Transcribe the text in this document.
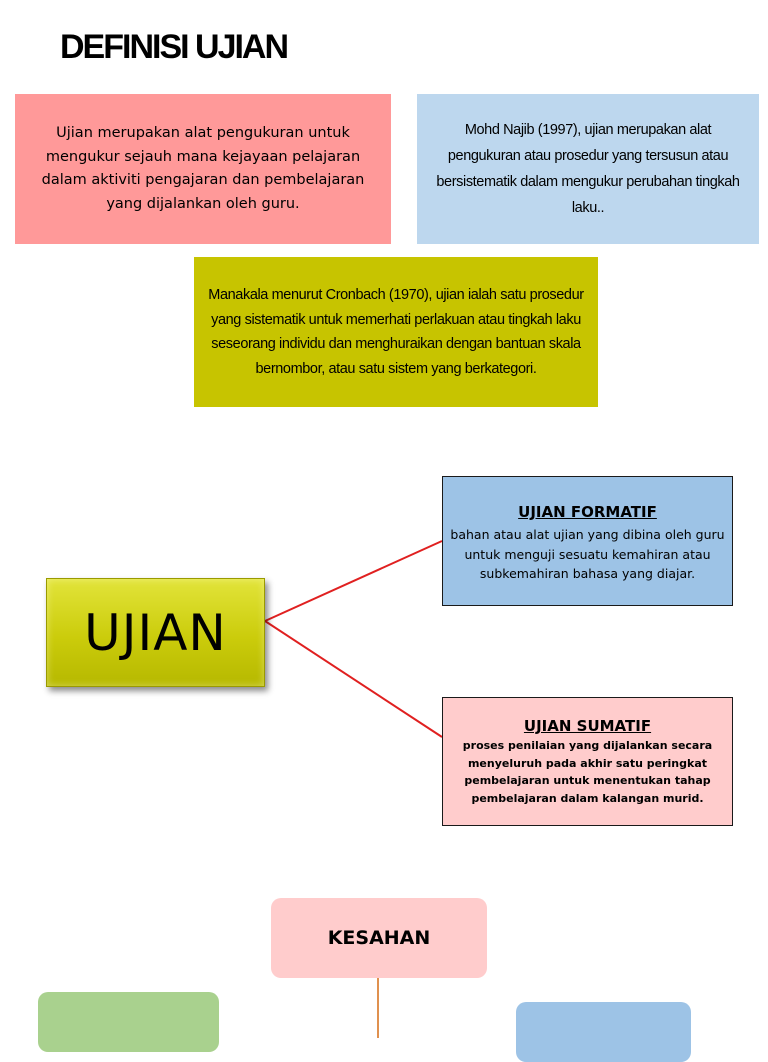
DEFINISI UJIAN

Ujian merupakan alat pengukuran untuk mengukur sejauh mana kejayaan pelajaran dalam aktiviti pengajaran dan pembelajaran yang dijalankan oleh guru.

Mohd Najib (1997), ujian merupakan alat pengukuran atau prosedur yang tersusun atau bersistematik dalam mengukur perubahan tingkah laku..

Manakala menurut Cronbach (1970), ujian ialah satu prosedur yang sistematik untuk memerhati perlakuan atau tingkah laku seseorang individu dan menghuraikan dengan bantuan skala bernombor, atau satu sistem yang berkategori.

UJIAN
UJIAN FORMATIF

bahan atau alat ujian yang dibina oleh guru untuk menguji sesuatu kemahiran atau subkemahiran bahasa yang diajar.

UJIAN SUMATIF

proses penilaian yang dijalankan secara menyeluruh pada akhir satu peringkat pembelajaran untuk menentukan tahap pembelajaran dalam kalangan murid.

KESAHAN
